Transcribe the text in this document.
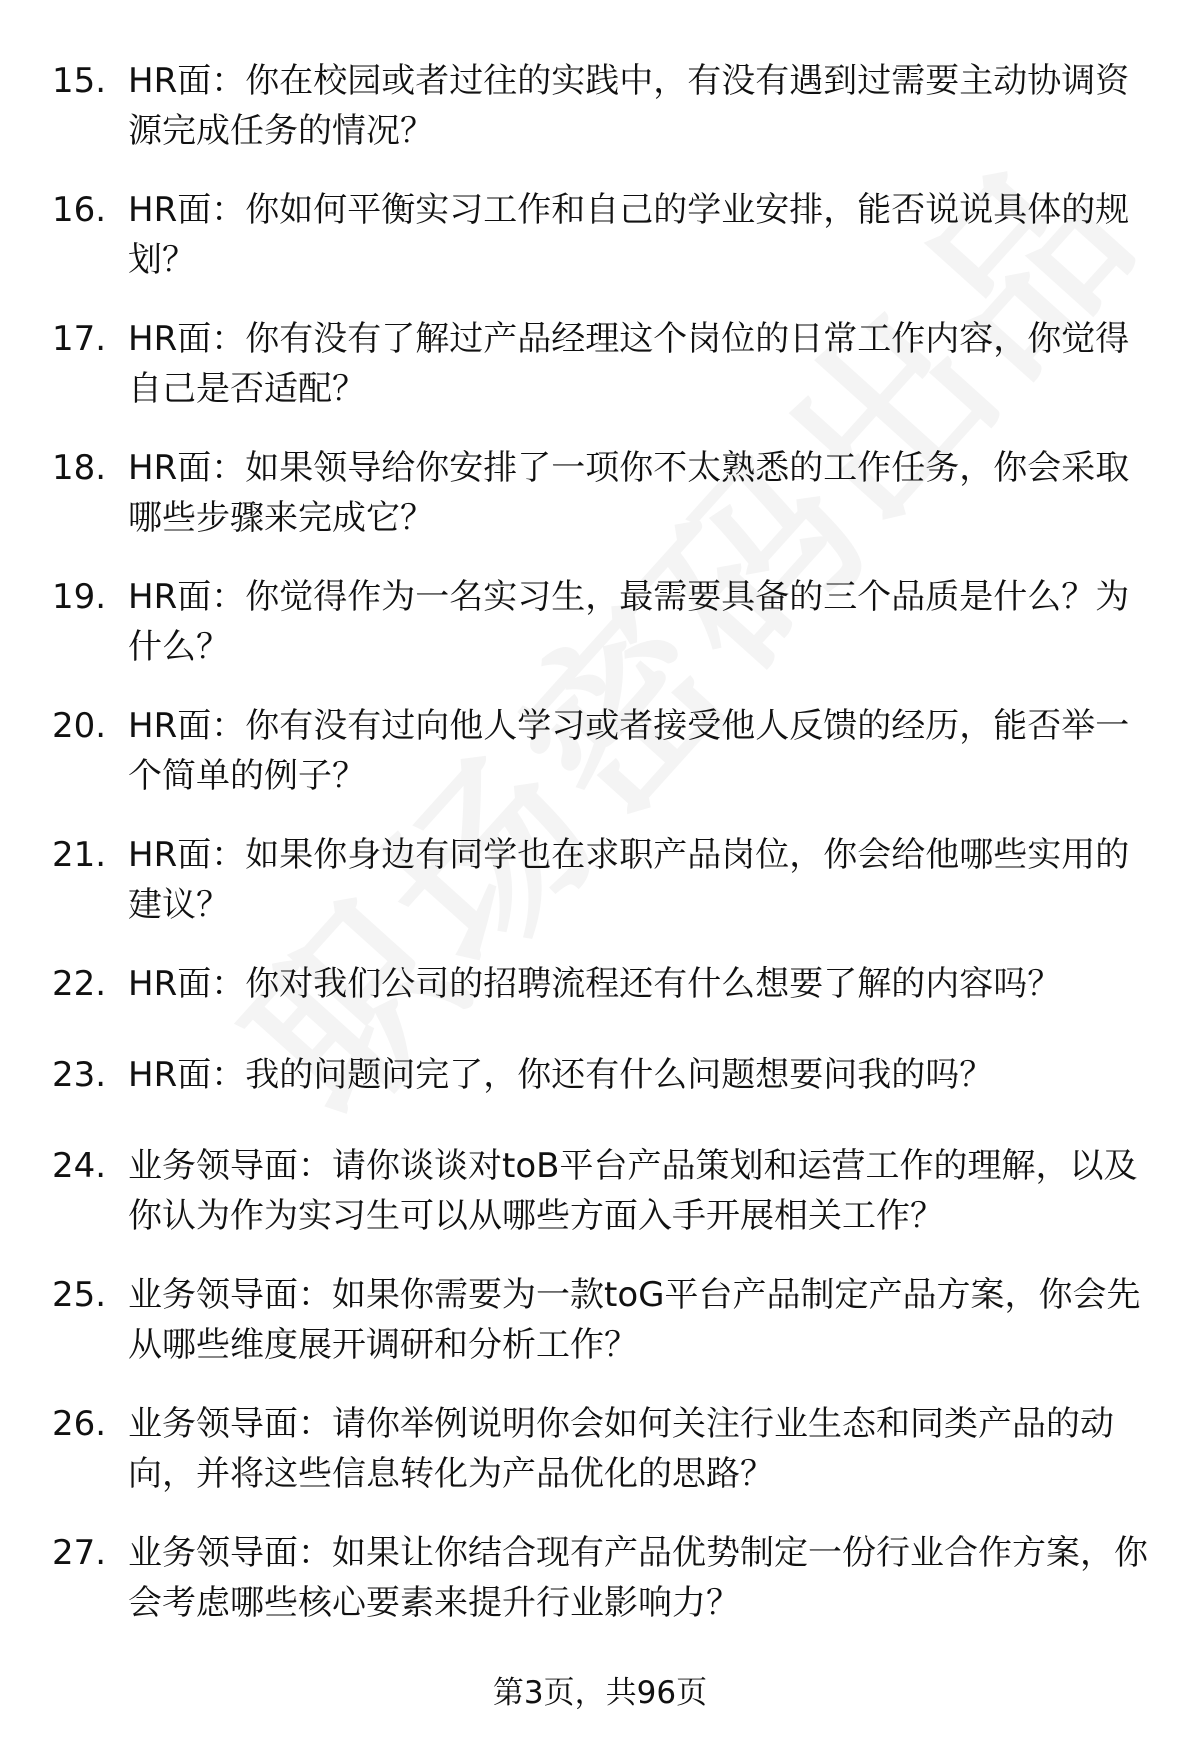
15. HR面：你在校园或者过往的实践中，有没有遇到过需要主动协调资源完成任务的情况？
16. HR面：你如何平衡实习工作和自己的学业安排，能否说说具体的规划？
17. HR面：你有没有了解过产品经理这个岗位的日常工作内容，你觉得自己是否适配？
18. HR面：如果领导给你安排了一项你不太熟悉的工作任务，你会采取哪些步骤来完成它？
19. HR面：你觉得作为一名实习生，最需要具备的三个品质是什么？为什么？
20. HR面：你有没有过向他人学习或者接受他人反馈的经历，能否举一个简单的例子？
21. HR面：如果你身边有同学也在求职产品岗位，你会给他哪些实用的建议？
22. HR面：你对我们公司的招聘流程还有什么想要了解的内容吗？
23. HR面：我的问题问完了，你还有什么问题想要问我的吗？
24. 业务领导面：请你谈谈对toB平台产品策划和运营工作的理解，以及你认为作为实习生可以从哪些方面入手开展相关工作？
25. 业务领导面：如果你需要为一款toG平台产品制定产品方案，你会先从哪些维度展开调研和分析工作？
26. 业务领导面：请你举例说明你会如何关注行业生态和同类产品的动向，并将这些信息转化为产品优化的思路？
27. 业务领导面：如果让你结合现有产品优势制定一份行业合作方案，你会考虑哪些核心要素来提升行业影响力？
第3页，共96页
